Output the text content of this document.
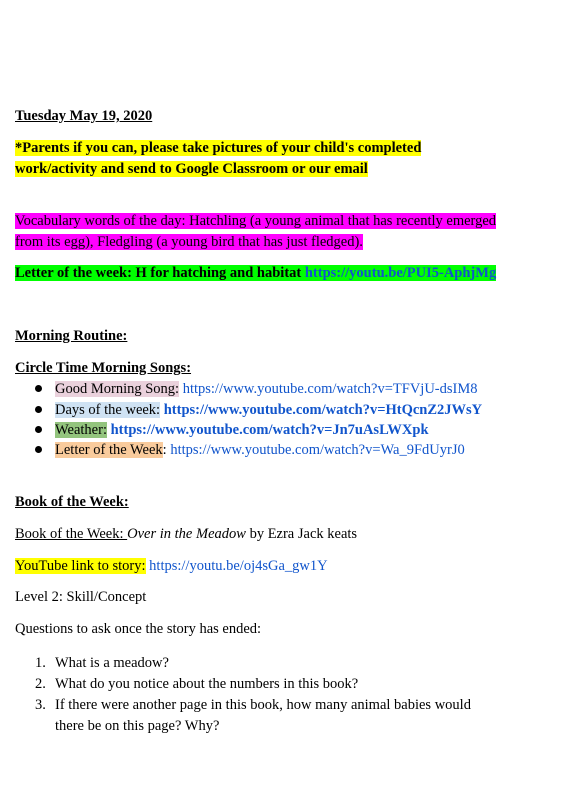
Tuesday May 19, 2020
*Parents if you can, please take pictures of your child's completed
work/activity and send to Google Classroom or our email
Vocabulary words of the day: Hatchling (a young animal that has recently emerged
from its egg), Fledgling (a young bird that has just fledged).
Letter of the week: H for hatching and habitat https://youtu.be/PUI5-AphjMg
Morning Routine:
Circle Time Morning Songs:
Good Morning Song: https://www.youtube.com/watch?v=TFVjU-dsIM8
Days of the week: https://www.youtube.com/watch?v=HtQcnZ2JWsY
Weather: https://www.youtube.com/watch?v=Jn7uAsLWXpk
Letter of the Week: https://www.youtube.com/watch?v=Wa_9FdUyrJ0
Book of the Week:
Book of the Week: Over in the Meadow by Ezra Jack keats
YouTube link to story: https://youtu.be/oj4sGa_gw1Y
Level 2: Skill/Concept
Questions to ask once the story has ended:
1. What is a meadow?
2. What do you notice about the numbers in this book?
3. If there were another page in this book, how many animal babies would
there be on this page? Why?
